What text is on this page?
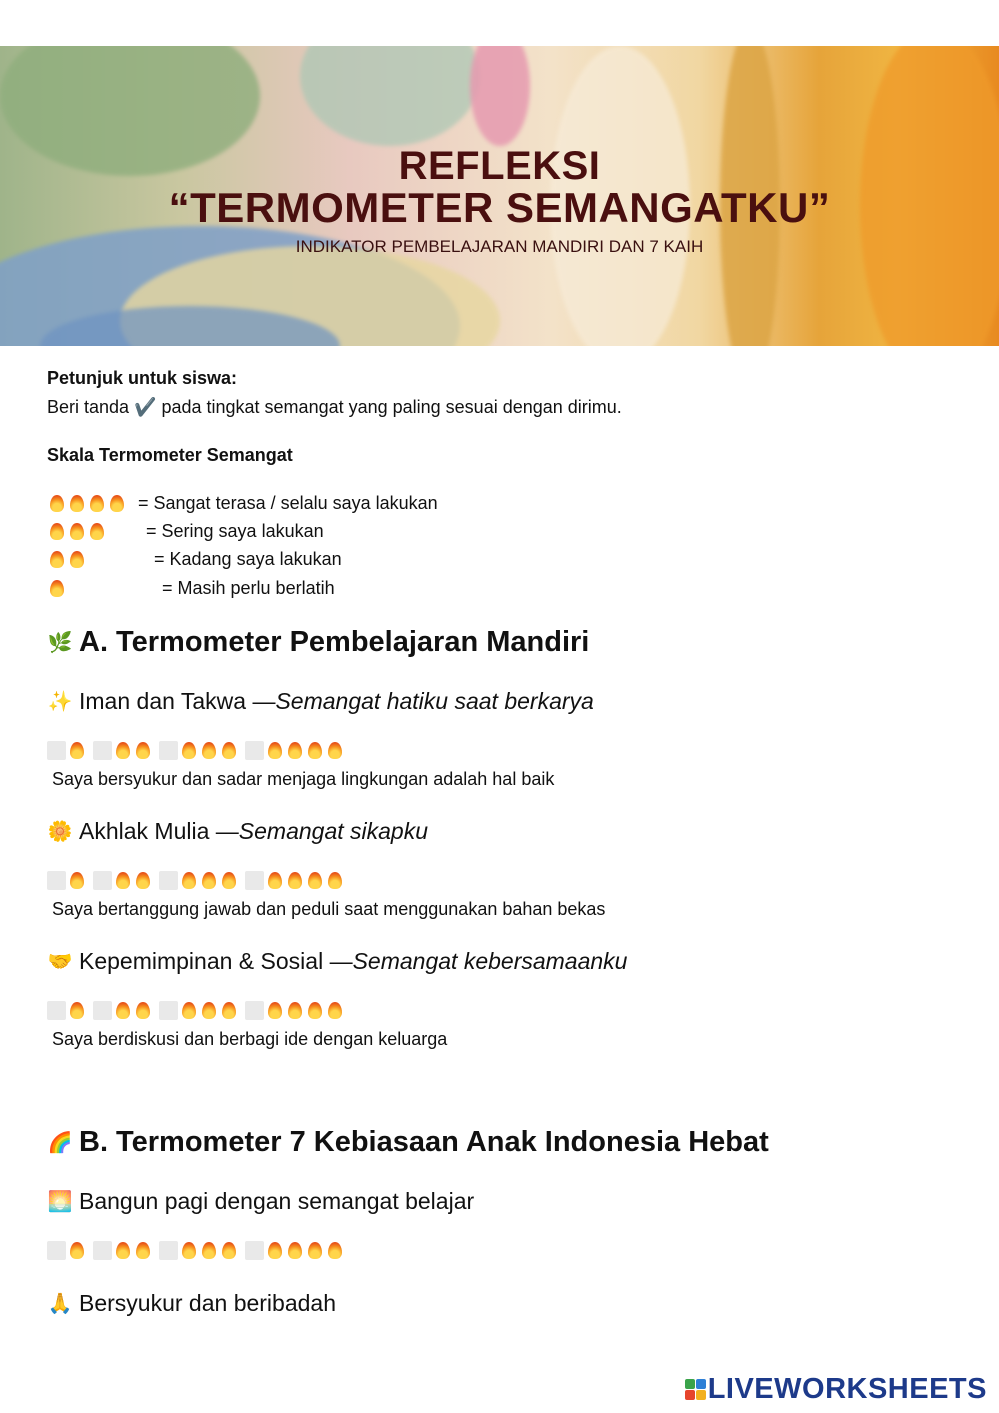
REFLEKSI
“TERMOMETER SEMANGATKU”
INDIKATOR PEMBELAJARAN MANDIRI DAN 7 KAIH
Petunjuk untuk siswa:
Beri tanda ✔️ pada tingkat semangat yang paling sesuai dengan dirimu.
Skala Termometer Semangat
= Sangat terasa / selalu saya lakukan
= Sering saya lakukan
= Kadang saya lakukan
= Masih perlu berlatih
🌿 A. Termometer Pembelajaran Mandiri
✨ Iman dan Takwa — Semangat hatiku saat berkarya
Saya bersyukur dan sadar menjaga lingkungan adalah hal baik
🌼 Akhlak Mulia — Semangat sikapku
Saya bertanggung jawab dan peduli saat menggunakan bahan bekas
🤝 Kepemimpinan & Sosial — Semangat kebersamaanku
Saya berdiskusi dan berbagi ide dengan keluarga
🌈 B. Termometer 7 Kebiasaan Anak Indonesia Hebat
🌅 Bangun pagi dengan semangat belajar
🙏 Bersyukur dan beribadah
LIVEWORKSHEETS
